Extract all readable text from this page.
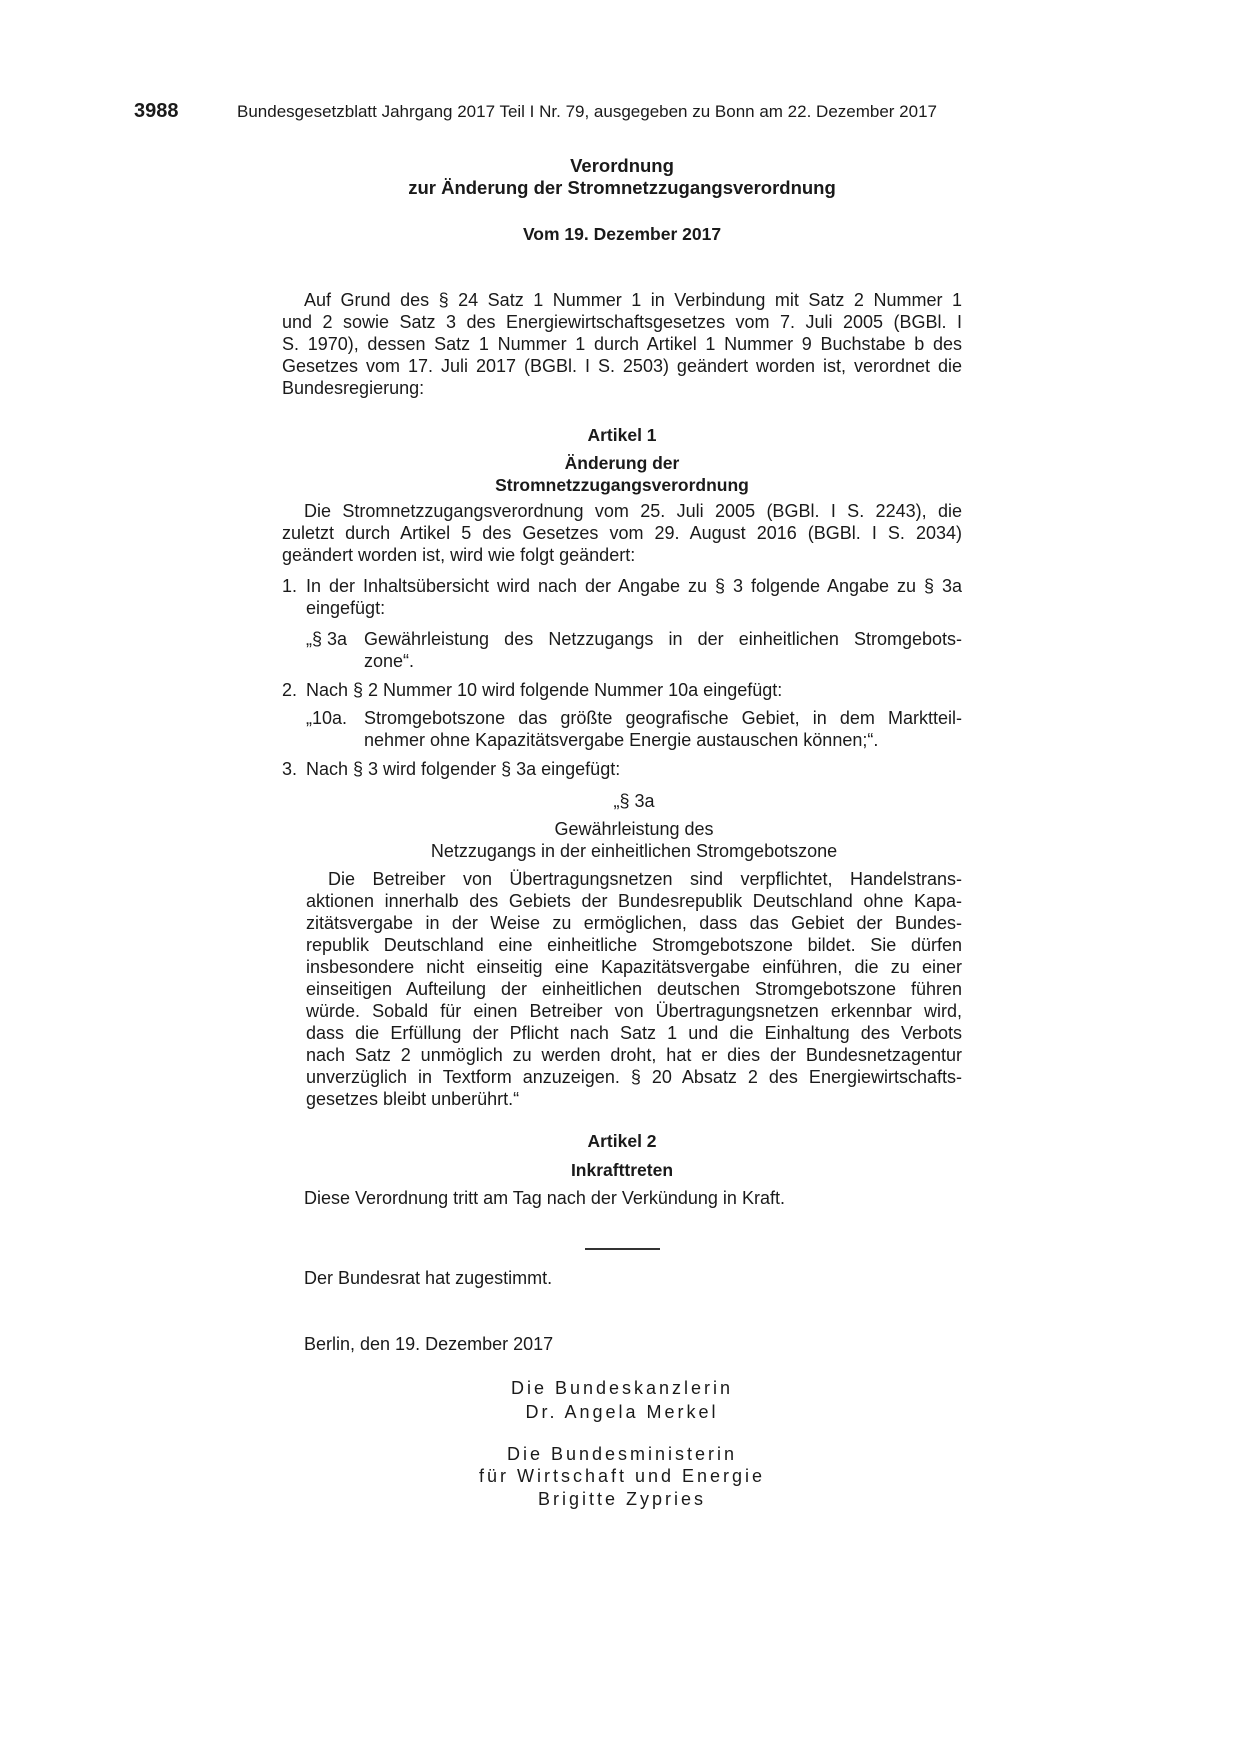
3988	Bundesgesetzblatt Jahrgang 2017 Teil I Nr. 79, ausgegeben zu Bonn am 22. Dezember 2017
Verordnung
zur Änderung der Stromnetzzugangsverordnung
Vom 19. Dezember 2017
Auf Grund des § 24 Satz 1 Nummer 1 in Verbindung mit Satz 2 Nummer 1
und 2 sowie Satz 3 des Energiewirtschaftsgesetzes vom 7. Juli 2005 (BGBl. I
S. 1970), dessen Satz 1 Nummer 1 durch Artikel 1 Nummer 9 Buchstabe b des
Gesetzes vom 17. Juli 2017 (BGBl. I S. 2503) geändert worden ist, verordnet die
Bundesregierung:
Artikel 1
Änderung der
Stromnetzzugangsverordnung
Die Stromnetzzugangsverordnung vom 25. Juli 2005 (BGBl. I S. 2243), die
zuletzt durch Artikel 5 des Gesetzes vom 29. August 2016 (BGBl. I S. 2034)
geändert worden ist, wird wie folgt geändert:
1. In der Inhaltsübersicht wird nach der Angabe zu § 3 folgende Angabe zu § 3a
eingefügt:
„§ 3a Gewährleistung des Netzzugangs in der einheitlichen Stromgebots-
zone“.
2. Nach § 2 Nummer 10 wird folgende Nummer 10a eingefügt:
„10a. Stromgebotszone das größte geografische Gebiet, in dem Marktteil-
nehmer ohne Kapazitätsvergabe Energie austauschen können;“.
3. Nach § 3 wird folgender § 3a eingefügt:
„§ 3a
Gewährleistung des
Netzzugangs in der einheitlichen Stromgebotszone
Die Betreiber von Übertragungsnetzen sind verpflichtet, Handelstrans-
aktionen innerhalb des Gebiets der Bundesrepublik Deutschland ohne Kapa-
zitätsvergabe in der Weise zu ermöglichen, dass das Gebiet der Bundes-
republik Deutschland eine einheitliche Stromgebotszone bildet. Sie dürfen
insbesondere nicht einseitig eine Kapazitätsvergabe einführen, die zu einer
einseitigen Aufteilung der einheitlichen deutschen Stromgebotszone führen
würde. Sobald für einen Betreiber von Übertragungsnetzen erkennbar wird,
dass die Erfüllung der Pflicht nach Satz 1 und die Einhaltung des Verbots
nach Satz 2 unmöglich zu werden droht, hat er dies der Bundesnetzagentur
unverzüglich in Textform anzuzeigen. § 20 Absatz 2 des Energiewirtschafts-
gesetzes bleibt unberührt.“
Artikel 2
Inkrafttreten
Diese Verordnung tritt am Tag nach der Verkündung in Kraft.
Der Bundesrat hat zugestimmt.
Berlin, den 19. Dezember 2017
Die Bundeskanzlerin
Dr. Angela Merkel
Die Bundesministerin
für Wirtschaft und Energie
Brigitte Zypries
